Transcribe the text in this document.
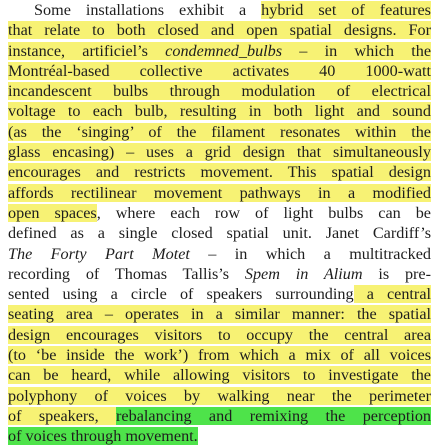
Some installations exhibit a hybrid set of features
that relate to both closed and open spatial designs. For
instance, artificiel’s condemned_bulbs – in which the
Montréal-based collective activates 40 1000-watt
incandescent bulbs through modulation of electrical
voltage to each bulb, resulting in both light and sound
(as the ‘singing’ of the filament resonates within the
glass encasing) – uses a grid design that simultaneously
encourages and restricts movement. This spatial design
affords rectilinear movement pathways in a modified
open spaces, where each row of light bulbs can be
defined as a single closed spatial unit. Janet Cardiff’s
The Forty Part Motet – in which a multitracked
recording of Thomas Tallis’s Spem in Alium is pre-
sented using a circle of speakers surrounding a central
seating area – operates in a similar manner: the spatial
design encourages visitors to occupy the central area
(to ‘be inside the work’) from which a mix of all voices
can be heard, while allowing visitors to investigate the
polyphony of voices by walking near the perimeter
of speakers, rebalancing and remixing the perception
of voices through movement.
